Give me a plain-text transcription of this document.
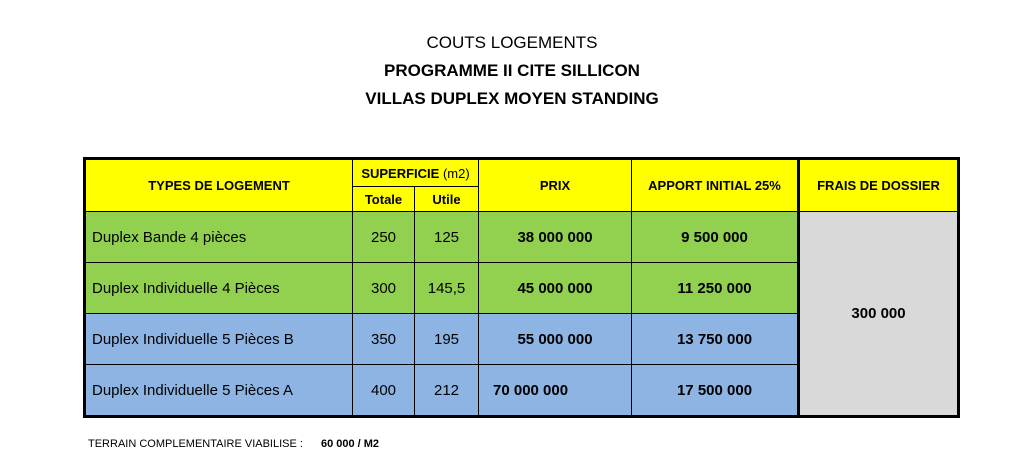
COUTS LOGEMENTS
PROGRAMME II CITE SILLICON
VILLAS DUPLEX MOYEN STANDING
TYPES DE LOGEMENT	SUPERFICIE (m2)		PRIX	APPORT INITIAL 25%	FRAIS DE DOSSIER
	Totale	Utile			
Duplex Bande 4 pièces	250	125	38 000 000	9 500 000	300 000
Duplex Individuelle 4 Pièces	300	145,5	45 000 000	11 250 000	
Duplex Individuelle 5 Pièces B	350	195	55 000 000	13 750 000	
Duplex Individuelle 5 Pièces A	400	212	70 000 000	17 500 000	
TERRAIN COMPLEMENTAIRE VIABILISE : 60 000 / M2
